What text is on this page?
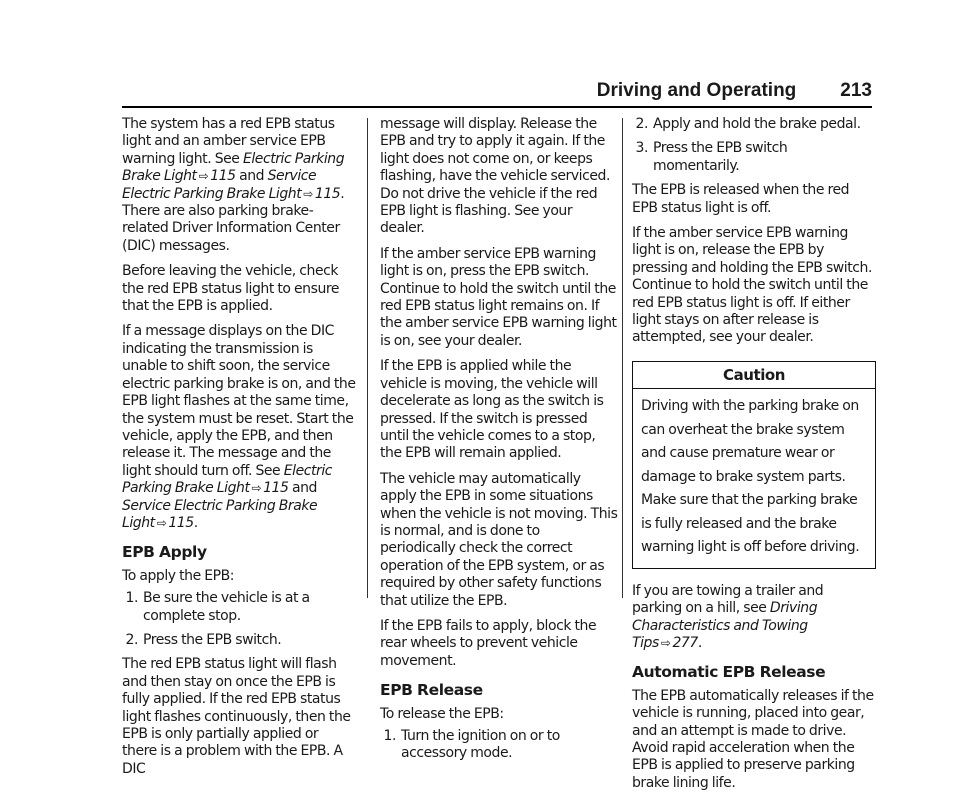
Driving and Operating 213

The system has a red EPB status light and an amber service EPB warning light. See Electric Parking Brake Light ⇨ 115 and Service Electric Parking Brake Light ⇨ 115. There are also parking brake-related Driver Information Center (DIC) messages.

Before leaving the vehicle, check the red EPB status light to ensure that the EPB is applied.

If a message displays on the DIC indicating the transmission is unable to shift soon, the service electric parking brake is on, and the EPB light flashes at the same time, the system must be reset. Start the vehicle, apply the EPB, and then release it. The message and the light should turn off. See Electric Parking Brake Light ⇨ 115 and Service Electric Parking Brake Light ⇨ 115.

EPB Apply

To apply the EPB:

1. Be sure the vehicle is at a complete stop.
2. Press the EPB switch.

The red EPB status light will flash and then stay on once the EPB is fully applied. If the red EPB status light flashes continuously, then the EPB is only partially applied or there is a problem with the EPB. A DIC

message will display. Release the EPB and try to apply it again. If the light does not come on, or keeps flashing, have the vehicle serviced. Do not drive the vehicle if the red EPB light is flashing. See your dealer.

If the amber service EPB warning light is on, press the EPB switch. Continue to hold the switch until the red EPB status light remains on. If the amber service EPB warning light is on, see your dealer.

If the EPB is applied while the vehicle is moving, the vehicle will decelerate as long as the switch is pressed. If the switch is pressed until the vehicle comes to a stop, the EPB will remain applied.

The vehicle may automatically apply the EPB in some situations when the vehicle is not moving. This is normal, and is done to periodically check the correct operation of the EPB system, or as required by other safety functions that utilize the EPB.

If the EPB fails to apply, block the rear wheels to prevent vehicle movement.

EPB Release

To release the EPB:

1. Turn the ignition on or to accessory mode.
2. Apply and hold the brake pedal.
3. Press the EPB switch momentarily.

The EPB is released when the red EPB status light is off.

If the amber service EPB warning light is on, release the EPB by pressing and holding the EPB switch. Continue to hold the switch until the red EPB status light is off. If either light stays on after release is attempted, see your dealer.

Caution
Driving with the parking brake on can overheat the brake system and cause premature wear or damage to brake system parts. Make sure that the parking brake is fully released and the brake warning light is off before driving.

If you are towing a trailer and parking on a hill, see Driving Characteristics and Towing Tips ⇨ 277.

Automatic EPB Release

The EPB automatically releases if the vehicle is running, placed into gear, and an attempt is made to drive. Avoid rapid acceleration when the EPB is applied to preserve parking brake lining life.
